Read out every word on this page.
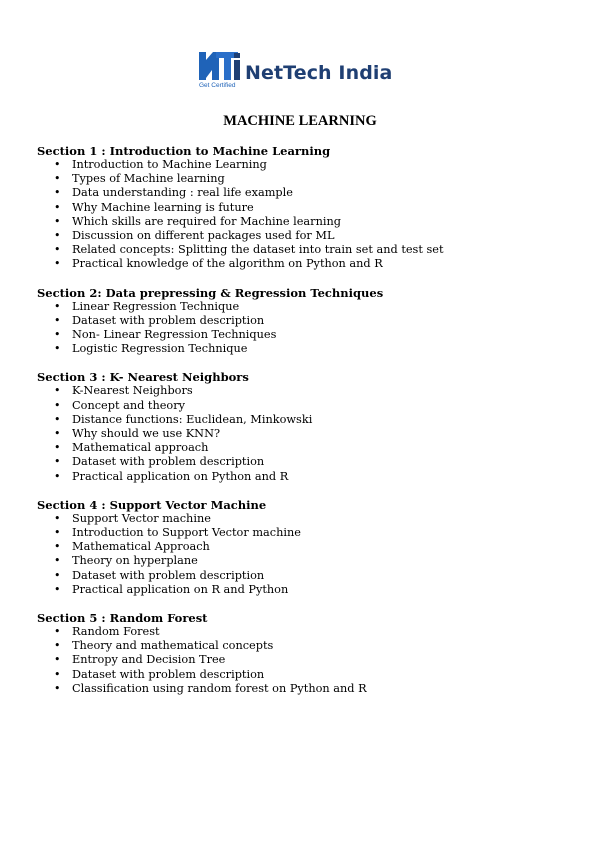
NetTech India
Get Certified
MACHINE LEARNING

Section 1 : Introduction to Machine Learning

• Introduction to Machine Learning
• Types of Machine learning
• Data understanding : real life example
• Why Machine learning is future
• Which skills are required for Machine learning
• Discussion on different packages used for ML
• Related concepts: Splitting the dataset into train set and test set
• Practical knowledge of the algorithm on Python and R

Section 2: Data prepressing & Regression Techniques

• Linear Regression Technique
• Dataset with problem description
• Non- Linear Regression Techniques
• Logistic Regression Technique

Section 3 : K- Nearest Neighbors

• K-Nearest Neighbors
• Concept and theory
• Distance functions: Euclidean, Minkowski
• Why should we use KNN?
• Mathematical approach
• Dataset with problem description
• Practical application on Python and R

Section 4 : Support Vector Machine

• Support Vector machine
• Introduction to Support Vector machine
• Mathematical Approach
• Theory on hyperplane
• Dataset with problem description
• Practical application on R and Python

Section 5 : Random Forest

• Random Forest
• Theory and mathematical concepts
• Entropy and Decision Tree
• Dataset with problem description
• Classification using random forest on Python and R
